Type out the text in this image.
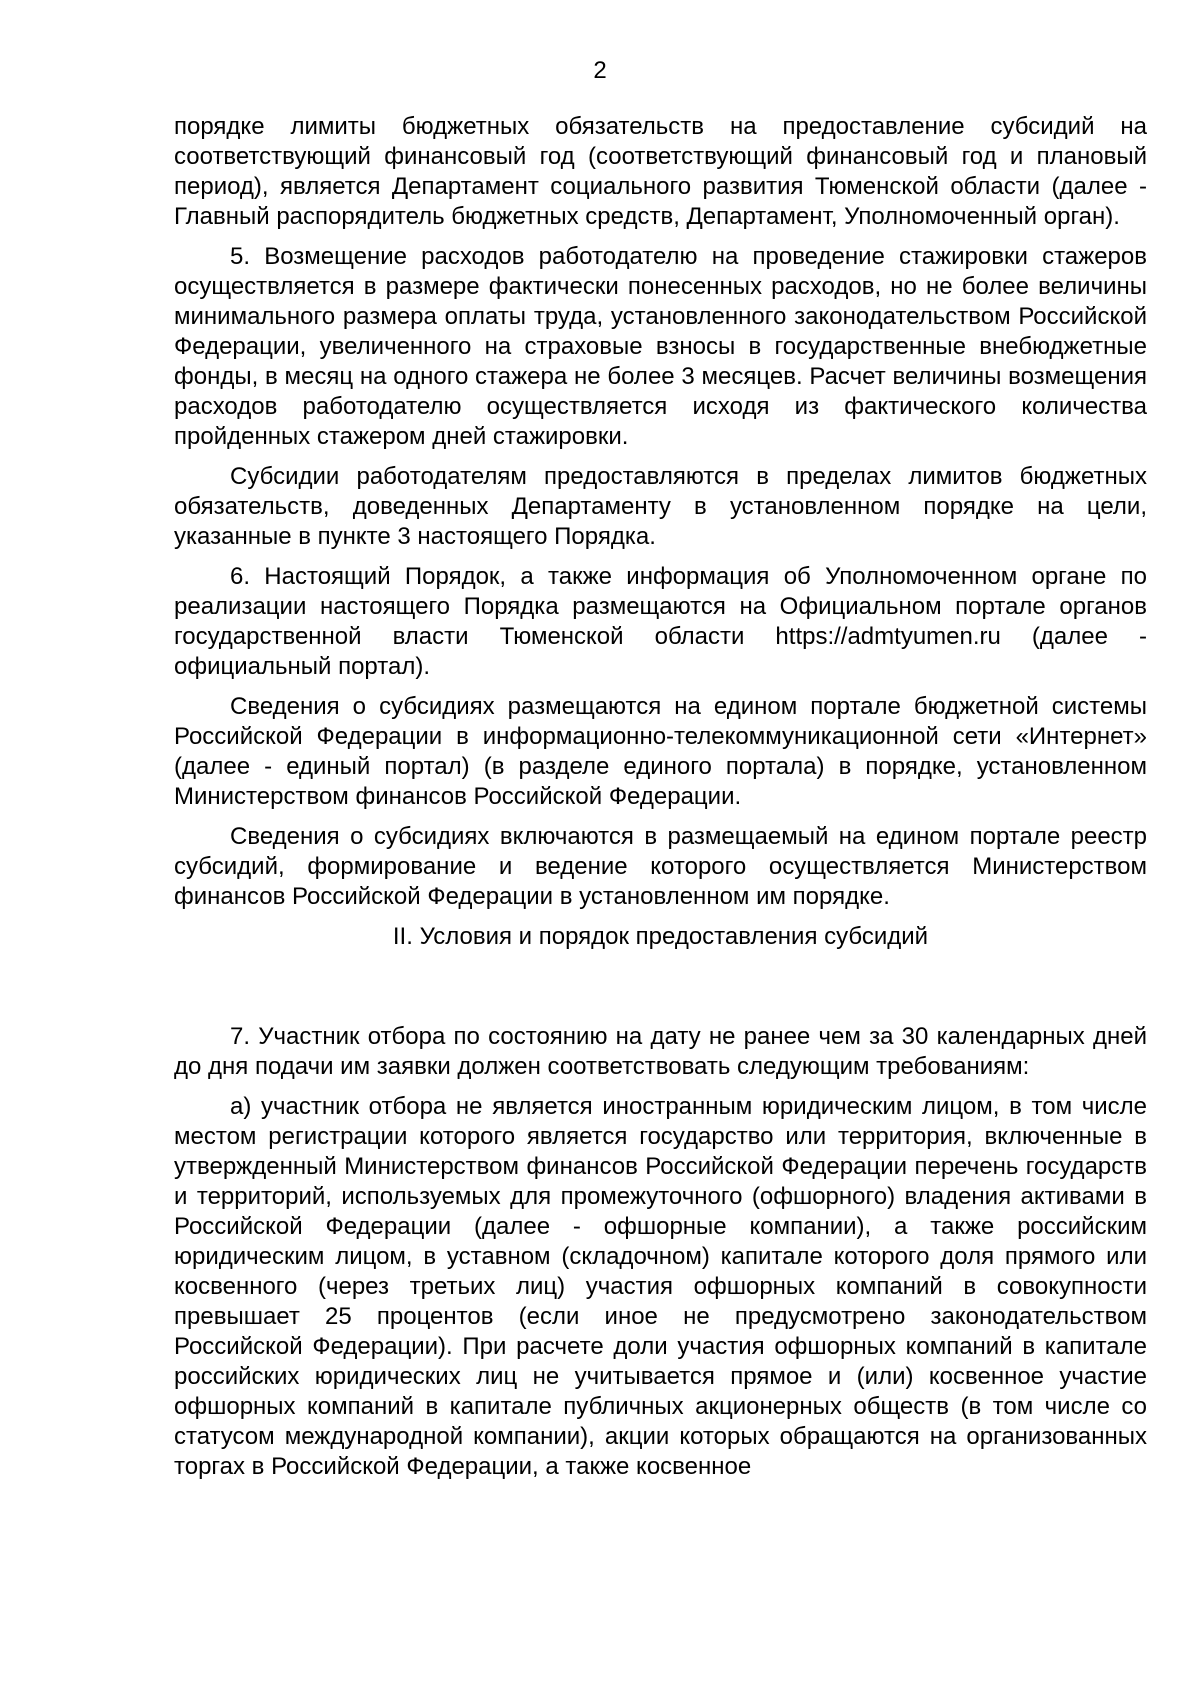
2

порядке лимиты бюджетных обязательств на предоставление субсидий на соответствующий финансовый год (соответствующий финансовый год и плановый период), является Департамент социального развития Тюменской области (далее - Главный распорядитель бюджетных средств, Департамент, Уполномоченный орган).

5. Возмещение расходов работодателю на проведение стажировки стажеров осуществляется в размере фактически понесенных расходов, но не более величины минимального размера оплаты труда, установленного законодательством Российской Федерации, увеличенного на страховые взносы в государственные внебюджетные фонды, в месяц на одного стажера не более 3 месяцев. Расчет величины возмещения расходов работодателю осуществляется исходя из фактического количества пройденных стажером дней стажировки.

Субсидии работодателям предоставляются в пределах лимитов бюджетных обязательств, доведенных Департаменту в установленном порядке на цели, указанные в пункте 3 настоящего Порядка.

6. Настоящий Порядок, а также информация об Уполномоченном органе по реализации настоящего Порядка размещаются на Официальном портале органов государственной власти Тюменской области https://admtyumen.ru (далее - официальный портал).

Сведения о субсидиях размещаются на едином портале бюджетной системы Российской Федерации в информационно-телекоммуникационной сети «Интернет» (далее - единый портал) (в разделе единого портала) в порядке, установленном Министерством финансов Российской Федерации.

Сведения о субсидиях включаются в размещаемый на едином портале реестр субсидий, формирование и ведение которого осуществляется Министерством финансов Российской Федерации в установленном им порядке.

II. Условия и порядок предоставления субсидий

7. Участник отбора по состоянию на дату не ранее чем за 30 календарных дней до дня подачи им заявки должен соответствовать следующим требованиям:

а) участник отбора не является иностранным юридическим лицом, в том числе местом регистрации которого является государство или территория, включенные в утвержденный Министерством финансов Российской Федерации перечень государств и территорий, используемых для промежуточного (офшорного) владения активами в Российской Федерации (далее - офшорные компании), а также российским юридическим лицом, в уставном (складочном) капитале которого доля прямого или косвенного (через третьих лиц) участия офшорных компаний в совокупности превышает 25 процентов (если иное не предусмотрено законодательством Российской Федерации). При расчете доли участия офшорных компаний в капитале российских юридических лиц не учитывается прямое и (или) косвенное участие офшорных компаний в капитале публичных акционерных обществ (в том числе со статусом международной компании), акции которых обращаются на организованных торгах в Российской Федерации, а также косвенное
